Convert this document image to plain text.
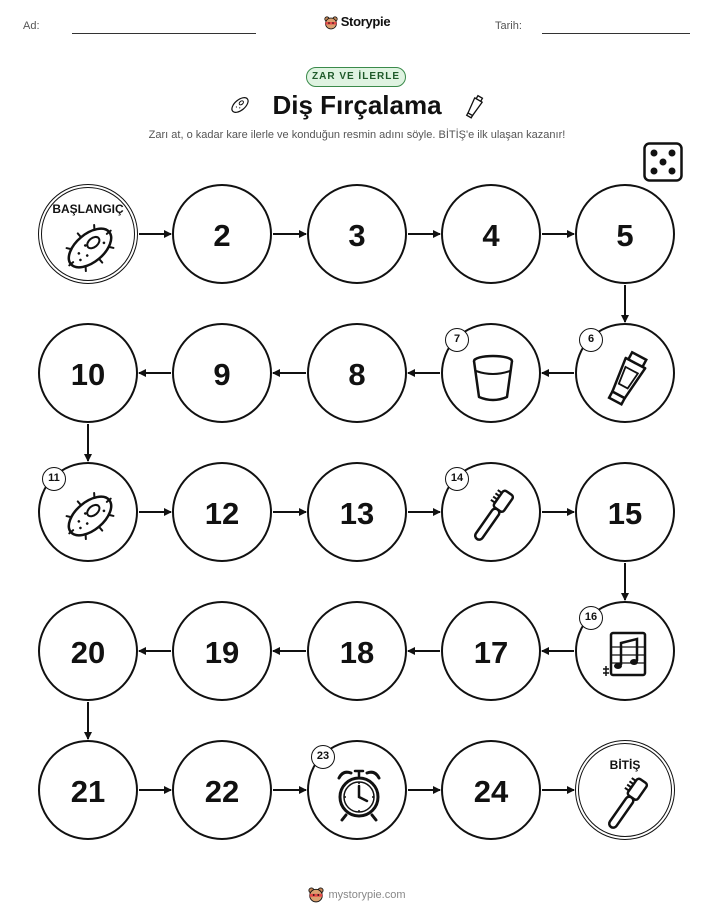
Ad:	Storypie	Tarih:
ZAR VE İLERLE
Diş Fırçalama
Zarı at, o kadar kare ilerle ve konduğun resmin adını söyle. BİTİŞ'e ilk ulaşan kazanır!
BAŞLANGIÇ
2	3	4	5
6
7
8
9
10
11
12	13
14
15
16
17
18
19
20
21	22
23
24
BİTİŞ
mystorypie.com
